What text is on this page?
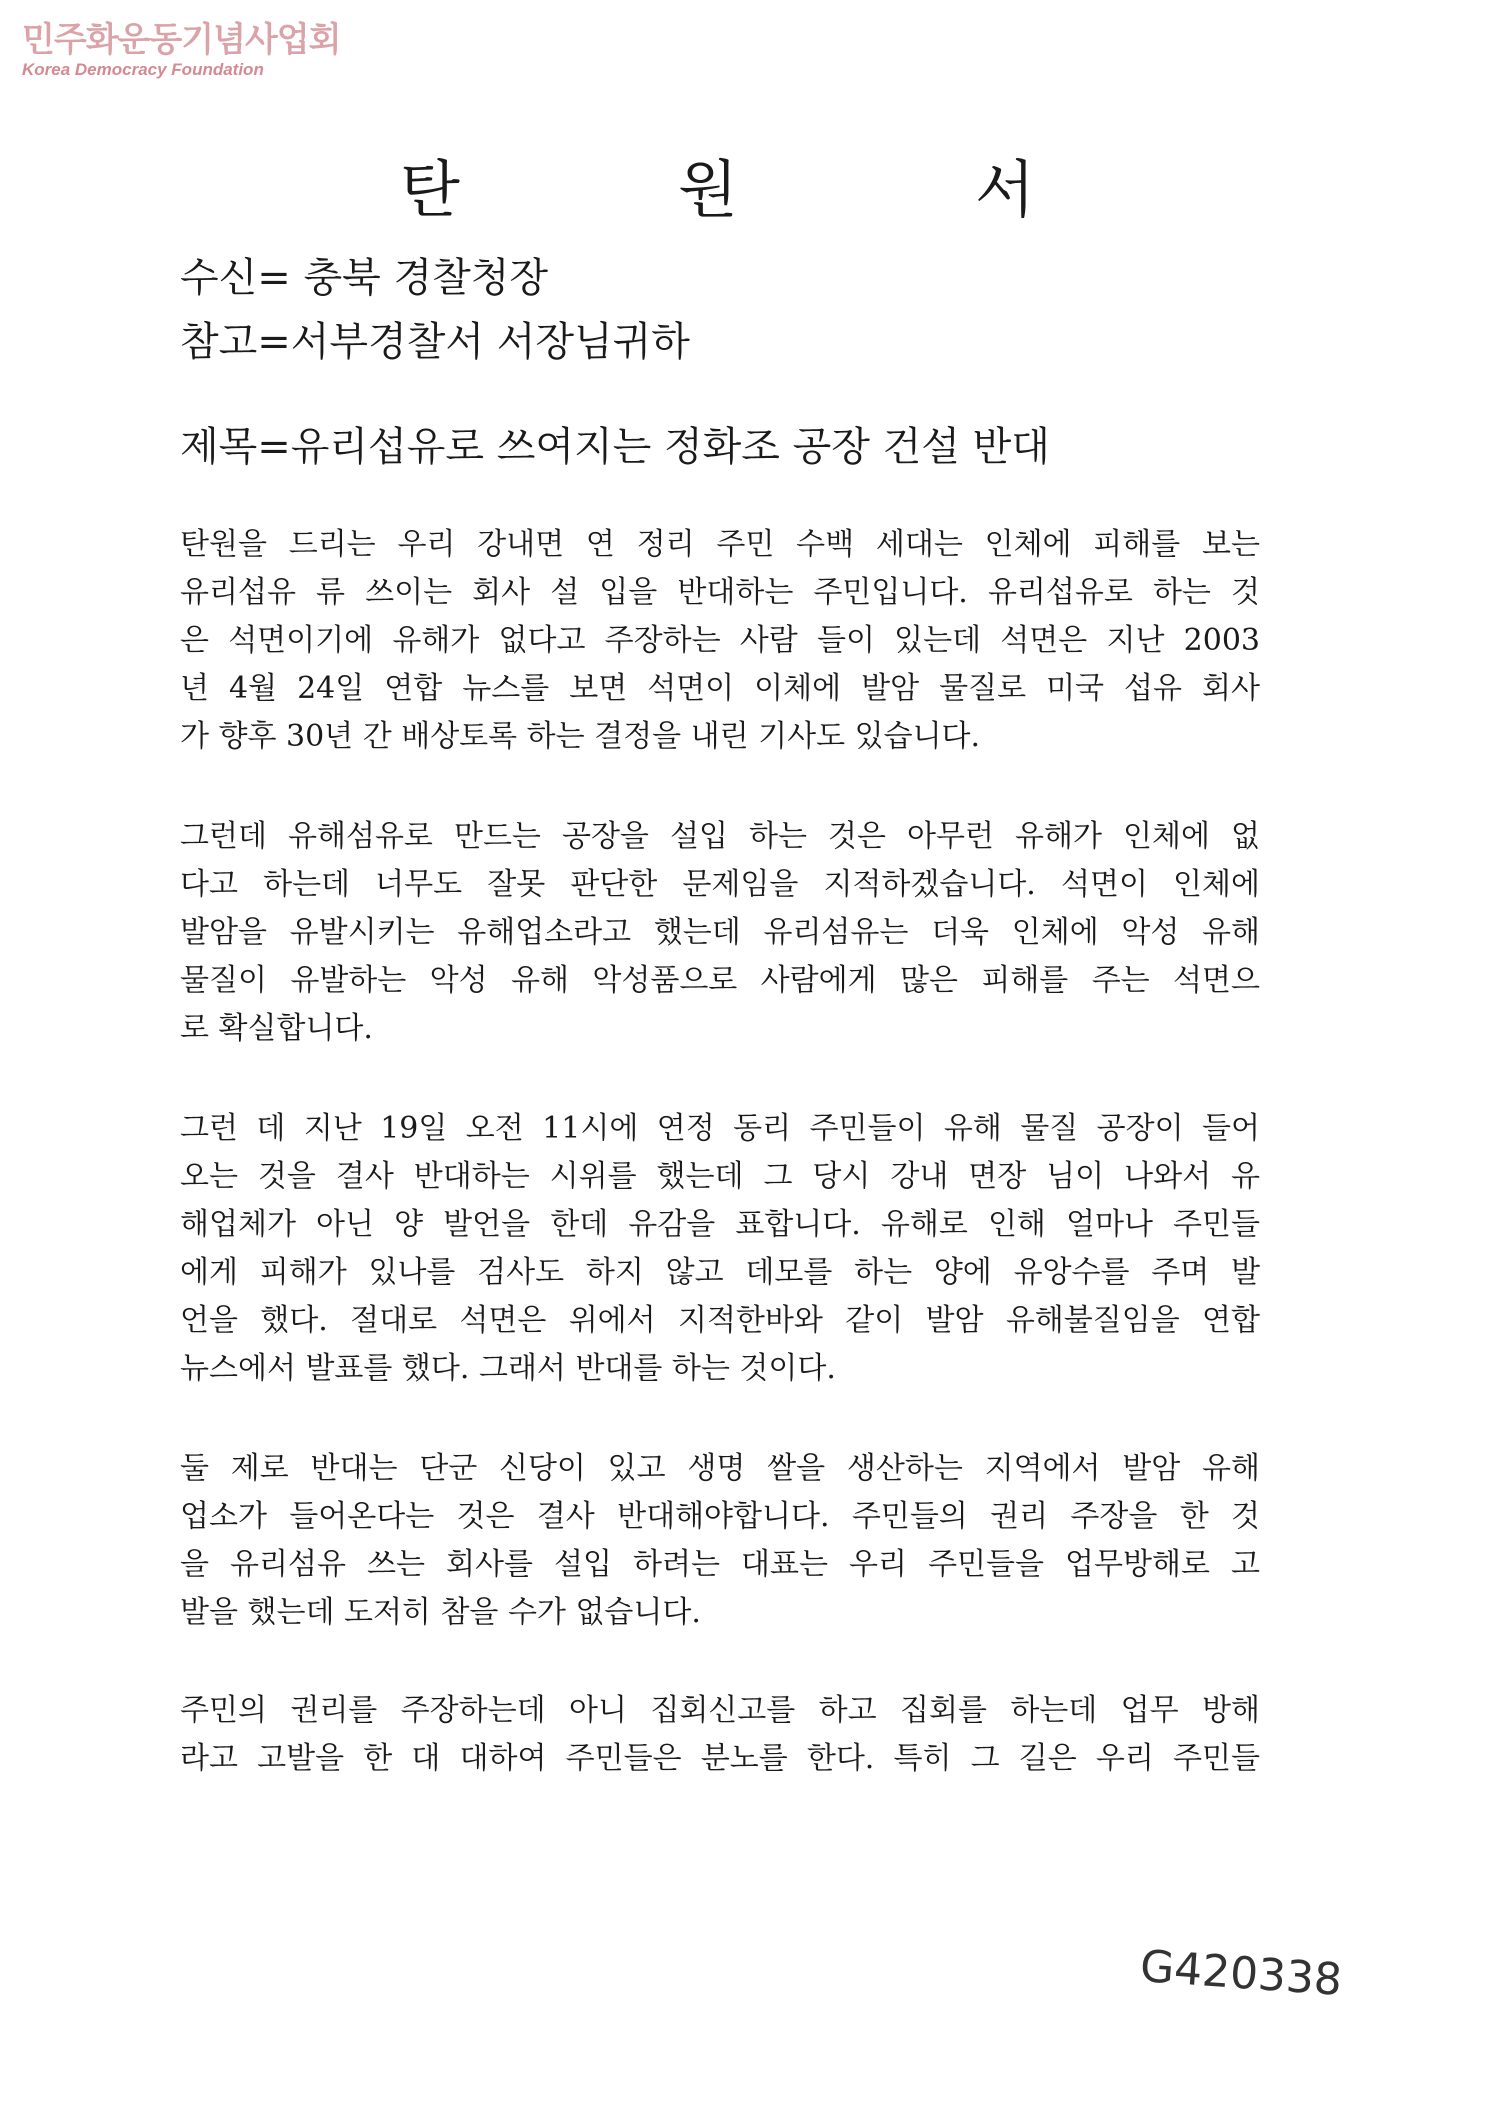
민주화운동기념사업회
Korea Democracy Foundation
탄	원	서
수신= 충북 경찰청장
참고=서부경찰서 서장님귀하
제목=유리섭유로 쓰여지는 정화조 공장 건설 반대
탄원을 드리는 우리 강내면 연 정리 주민 수백 세대는 인체에 피해를 보는
유리섭유 류 쓰이는 회사 설 입을 반대하는 주민입니다. 유리섭유로 하는 것
은 석면이기에 유해가 없다고 주장하는 사람 들이 있는데 석면은 지난 2003
년 4월 24일 연합 뉴스를 보면 석면이 이체에 발암 물질로 미국 섭유 회사
가 향후 30년 간 배상토록 하는 결정을 내린 기사도 있습니다.
그런데 유해섬유로 만드는 공장을 설입 하는 것은 아무런 유해가 인체에 없
다고 하는데 너무도 잘못 판단한 문제임을 지적하겠습니다. 석면이 인체에
발암을 유발시키는 유해업소라고 했는데 유리섬유는 더욱 인체에 악성 유해
물질이 유발하는 악성 유해 악성품으로 사람에게 많은 피해를 주는 석면으
로 확실합니다.
그런 데 지난 19일 오전 11시에 연정 동리 주민들이 유해 물질 공장이 들어
오는 것을 결사 반대하는 시위를 했는데 그 당시 강내 면장 님이 나와서 유
해업체가 아닌 양 발언을 한데 유감을 표합니다. 유해로 인해 얼마나 주민들
에게 피해가 있나를 검사도 하지 않고 데모를 하는 양에 유앙수를 주며 발
언을 했다. 절대로 석면은 위에서 지적한바와 같이 발암 유해불질임을 연합
뉴스에서 발표를 했다. 그래서 반대를 하는 것이다.
둘 제로 반대는 단군 신당이 있고 생명 쌀을 생산하는 지역에서 발암 유해
업소가 들어온다는 것은 결사 반대해야합니다. 주민들의 권리 주장을 한 것
을 유리섬유 쓰는 회사를 설입 하려는 대표는 우리 주민들을 업무방해로 고
발을 했는데 도저히 참을 수가 없습니다.
주민의 권리를 주장하는데 아니 집회신고를 하고 집회를 하는데 업무 방해
라고 고발을 한 대 대하여 주민들은 분노를 한다. 특히 그 길은 우리 주민들
G420338
